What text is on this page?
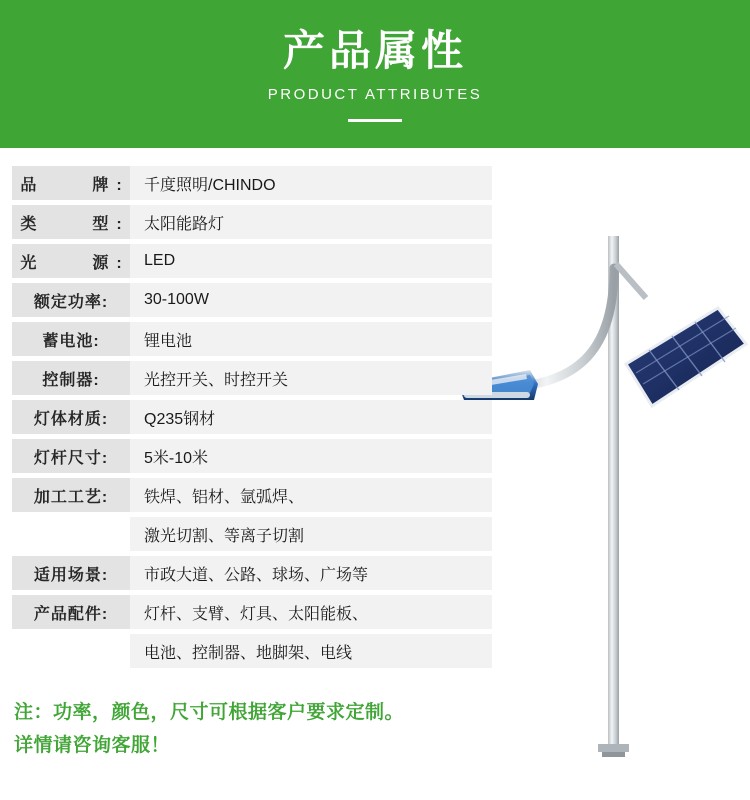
产品属性
PRODUCT ATTRIBUTES
品　　牌: 千度照明/CHINDO
类　　型: 太阳能路灯
光　　源: LED
额定功率:	30-100W
蓄电池:	锂电池
控制器:	光控开关、时控开关
灯体材质:	Q235钢材
灯杆尺寸:	5米-10米
加工工艺:	铁焊、铝材、氩弧焊、
激光切割、等离子切割
适用场景:	市政大道、公路、球场、广场等
产品配件:	灯杆、支臂、灯具、太阳能板、
电池、控制器、地脚架、电线
注：功率，颜色，尺寸可根据客户要求定制。
详情请咨询客服！
